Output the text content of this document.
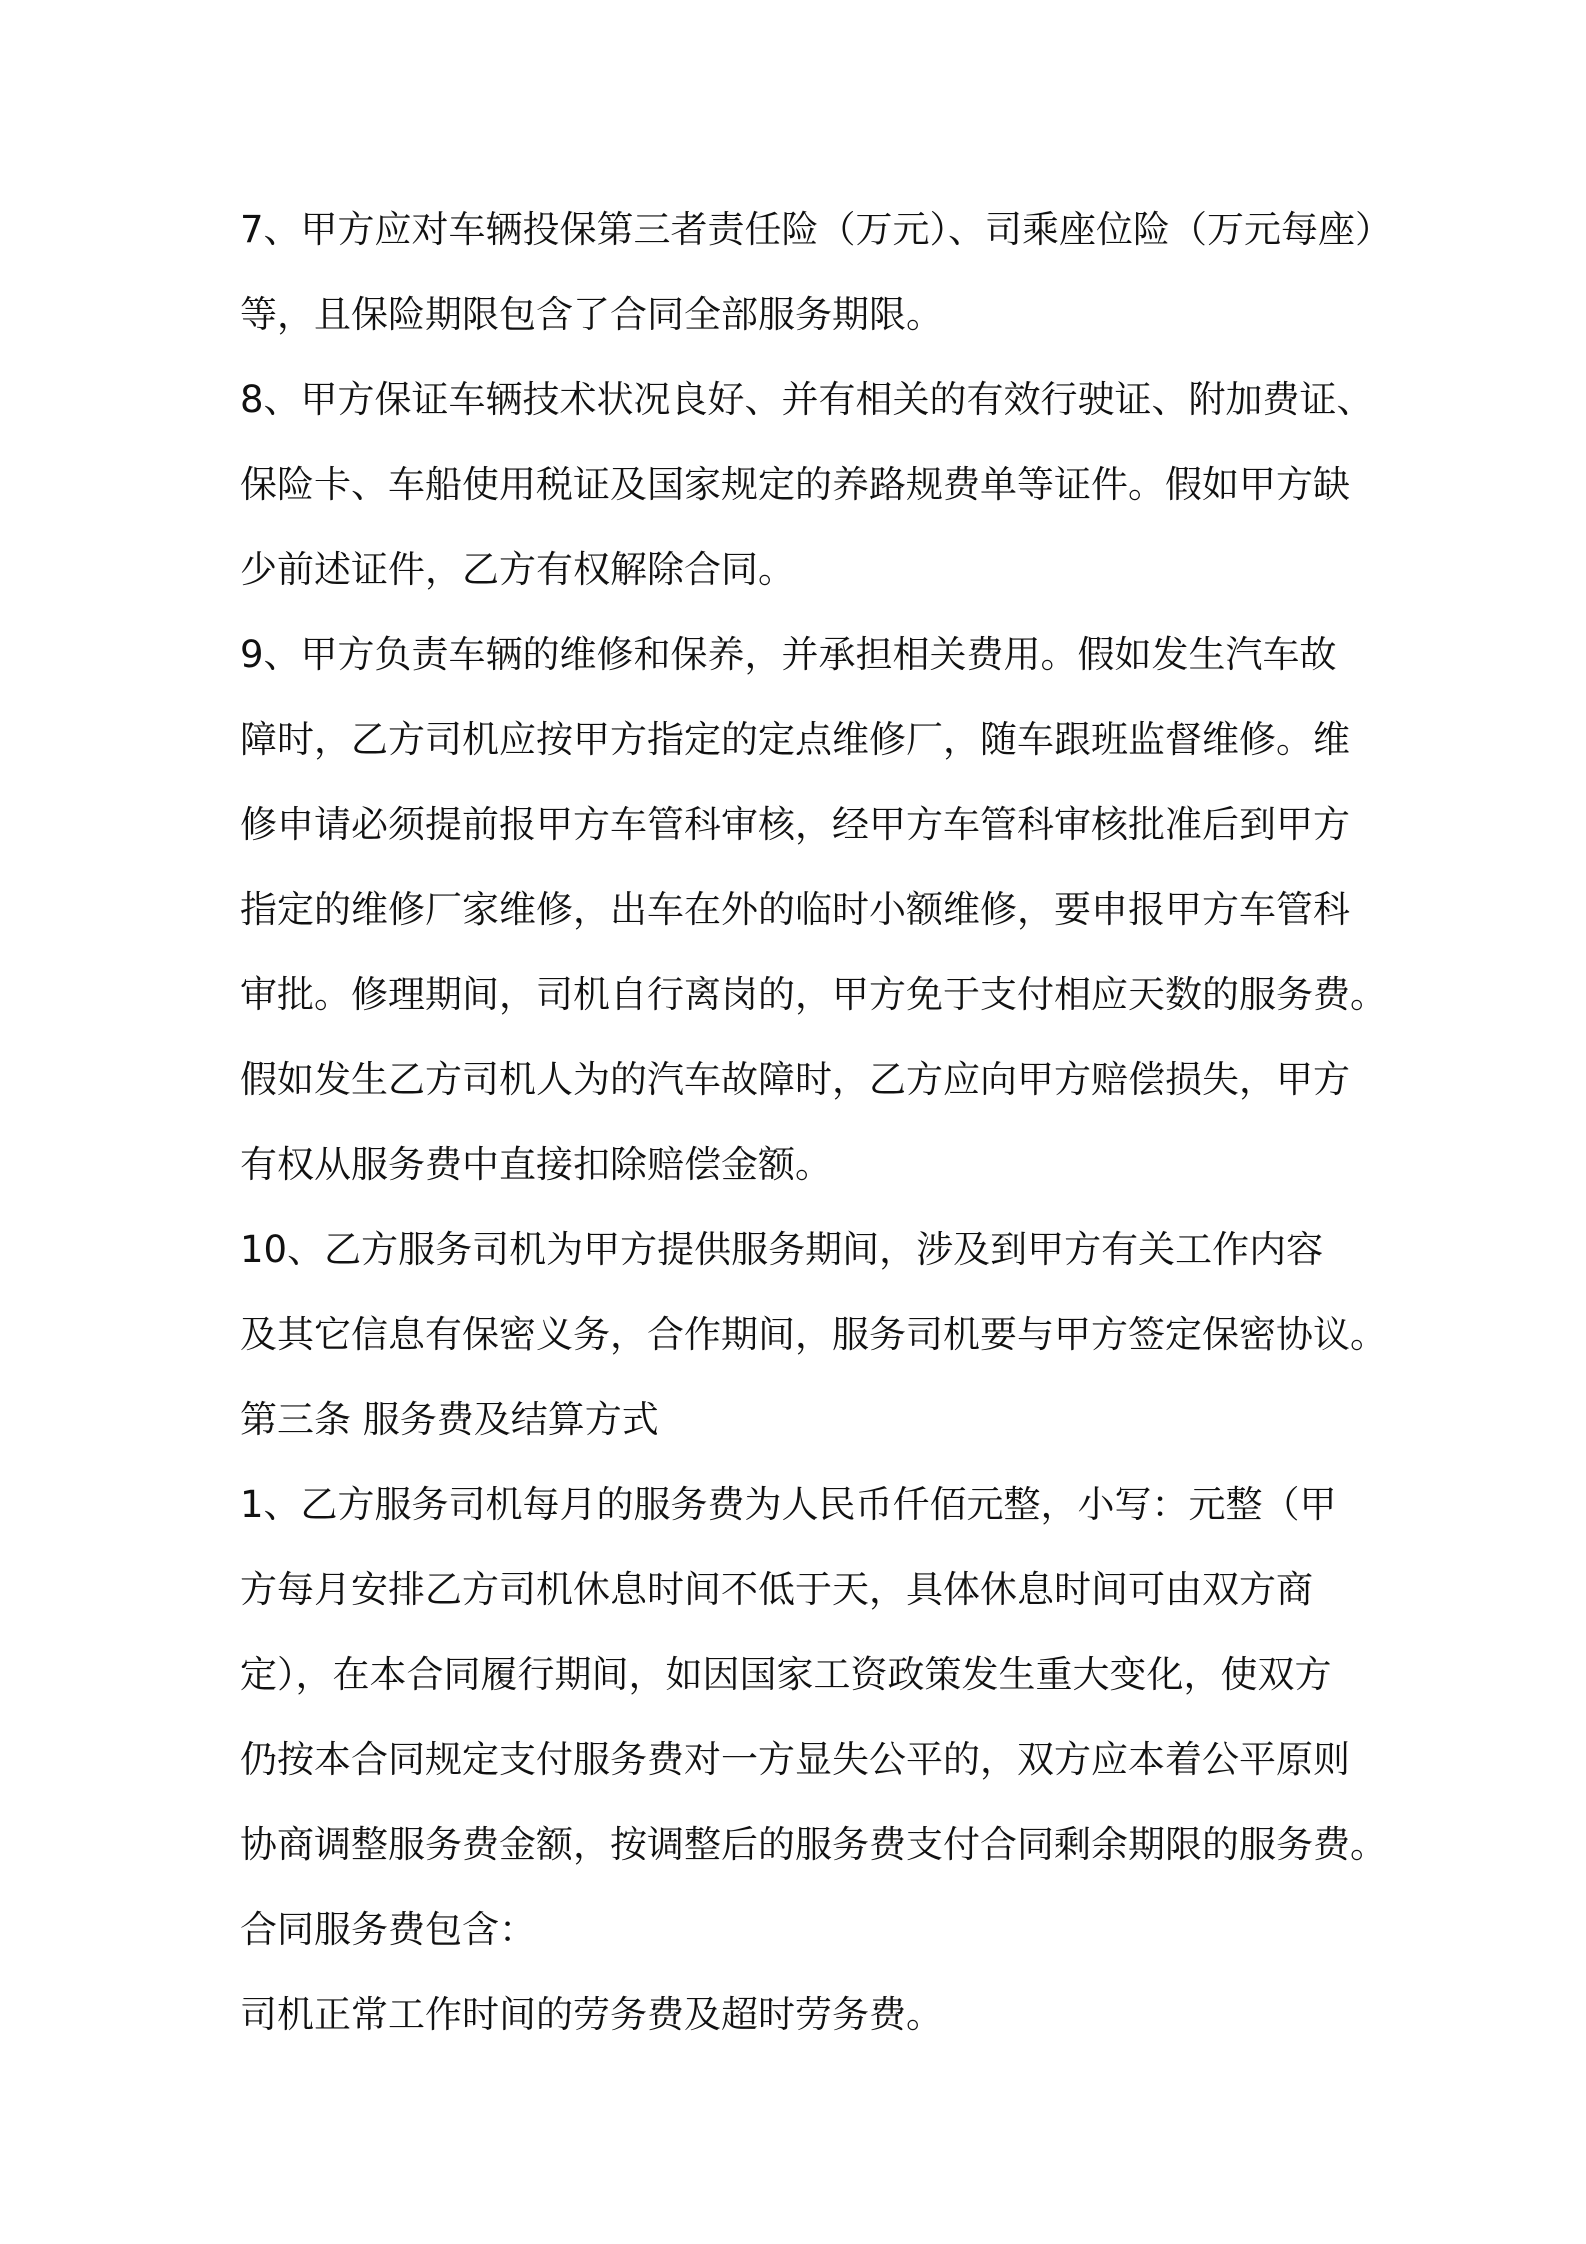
7、甲方应对车辆投保第三者责任险（万元）、司乘座位险（万元每座）
等，且保险期限包含了合同全部服务期限。
8、甲方保证车辆技术状况良好、并有相关的有效行驶证、附加费证、
保险卡、车船使用税证及国家规定的养路规费单等证件。假如甲方缺
少前述证件，乙方有权解除合同。
9、甲方负责车辆的维修和保养，并承担相关费用。假如发生汽车故
障时，乙方司机应按甲方指定的定点维修厂，随车跟班监督维修。维
修申请必须提前报甲方车管科审核，经甲方车管科审核批准后到甲方
指定的维修厂家维修，出车在外的临时小额维修，要申报甲方车管科
审批。修理期间，司机自行离岗的，甲方免于支付相应天数的服务费。
假如发生乙方司机人为的汽车故障时，乙方应向甲方赔偿损失，甲方
有权从服务费中直接扣除赔偿金额。
10、乙方服务司机为甲方提供服务期间，涉及到甲方有关工作内容
及其它信息有保密义务，合作期间，服务司机要与甲方签定保密协议。
第三条 服务费及结算方式
1、乙方服务司机每月的服务费为人民币仟佰元整，小写：元整（甲
方每月安排乙方司机休息时间不低于天，具体休息时间可由双方商
定），在本合同履行期间，如因国家工资政策发生重大变化，使双方
仍按本合同规定支付服务费对一方显失公平的，双方应本着公平原则
协商调整服务费金额，按调整后的服务费支付合同剩余期限的服务费。
合同服务费包含：
司机正常工作时间的劳务费及超时劳务费。
